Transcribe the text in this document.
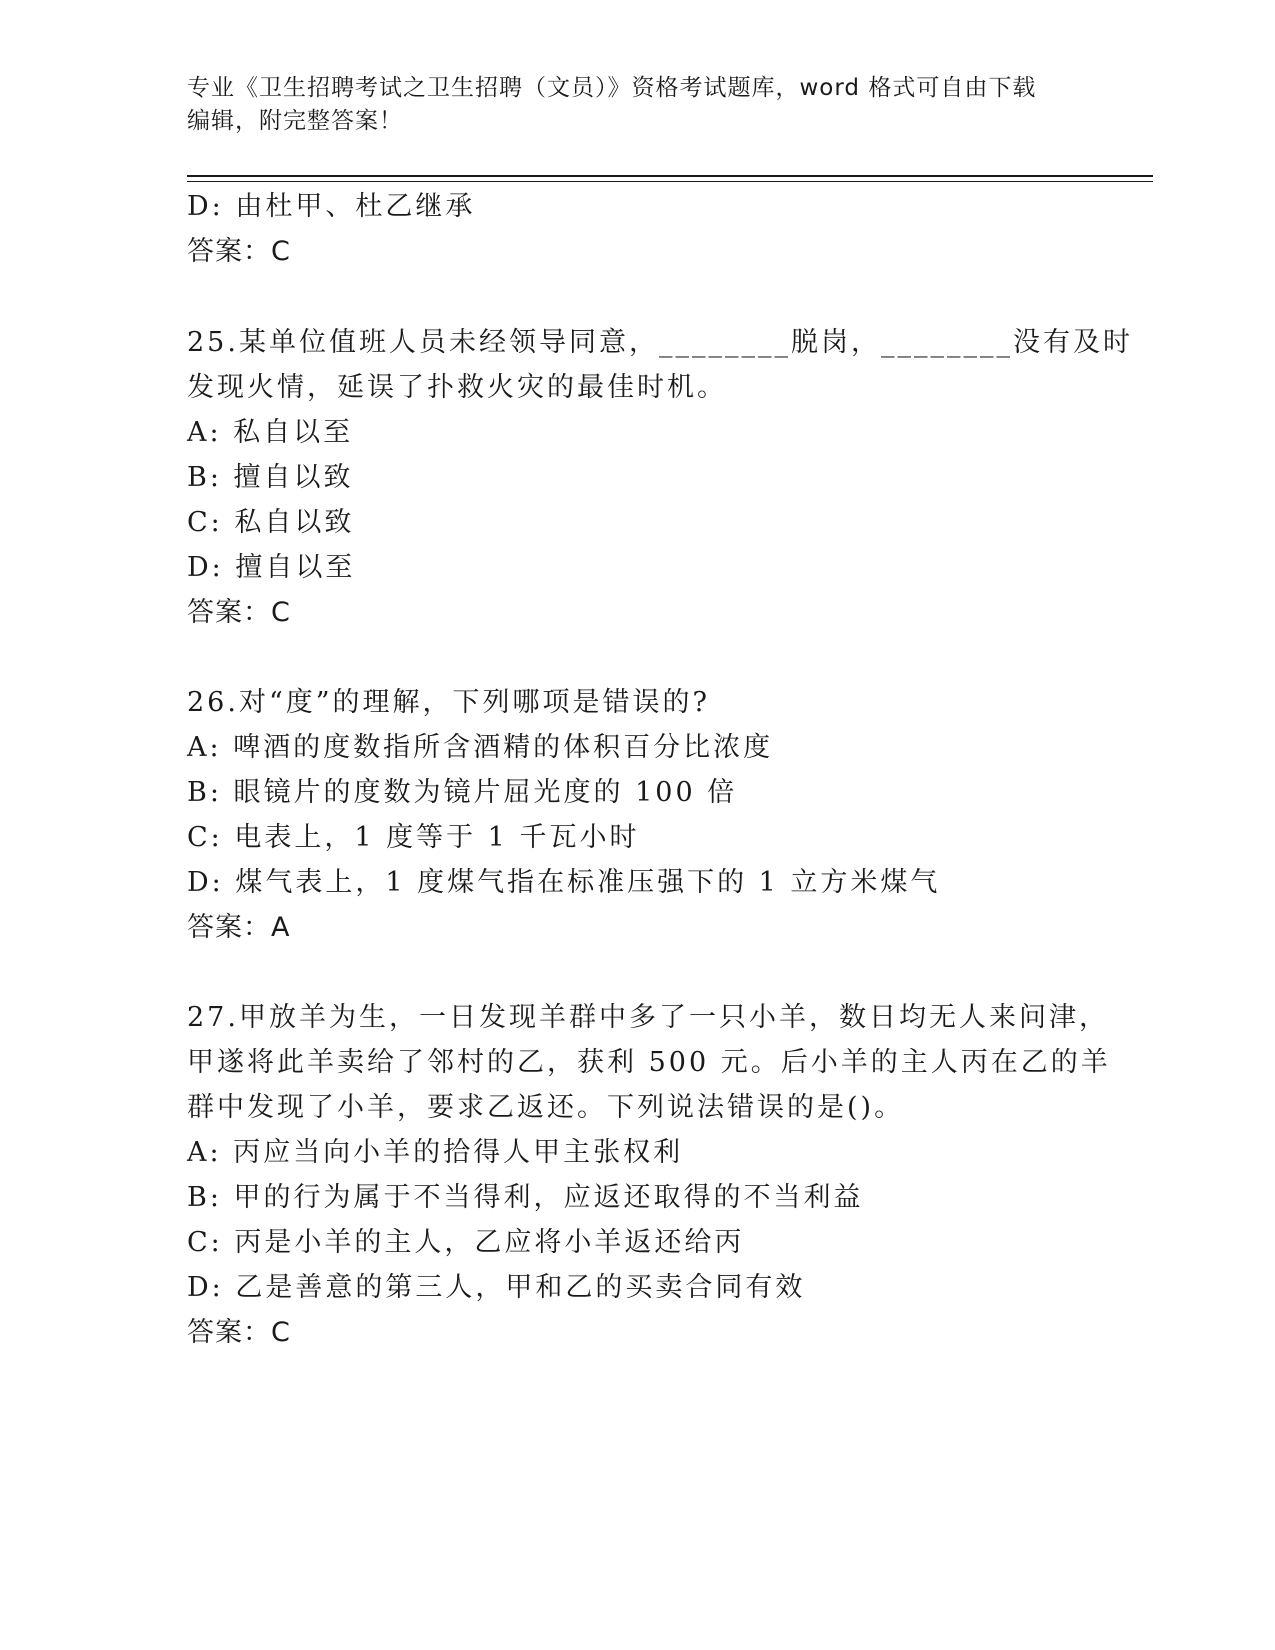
专业《卫生招聘考试之卫生招聘（文员）》资格考试题库，word 格式可自由下载
编辑，附完整答案！
D: 由杜甲、杜乙继承
答案：C
25.某单位值班人员未经领导同意，________脱岗，________没有及时
发现火情，延误了扑救火灾的最佳时机。
A: 私自以至
B: 擅自以致
C: 私自以致
D: 擅自以至
答案：C
26.对“度”的理解，下列哪项是错误的?
A: 啤酒的度数指所含酒精的体积百分比浓度
B: 眼镜片的度数为镜片屈光度的 100 倍
C: 电表上，1 度等于 1 千瓦小时
D: 煤气表上，1 度煤气指在标准压强下的 1 立方米煤气
答案：A
27.甲放羊为生，一日发现羊群中多了一只小羊，数日均无人来问津，
甲遂将此羊卖给了邻村的乙，获利 500 元。后小羊的主人丙在乙的羊
群中发现了小羊，要求乙返还。下列说法错误的是()。
A: 丙应当向小羊的拾得人甲主张权利
B: 甲的行为属于不当得利，应返还取得的不当利益
C: 丙是小羊的主人，乙应将小羊返还给丙
D: 乙是善意的第三人，甲和乙的买卖合同有效
答案：C
